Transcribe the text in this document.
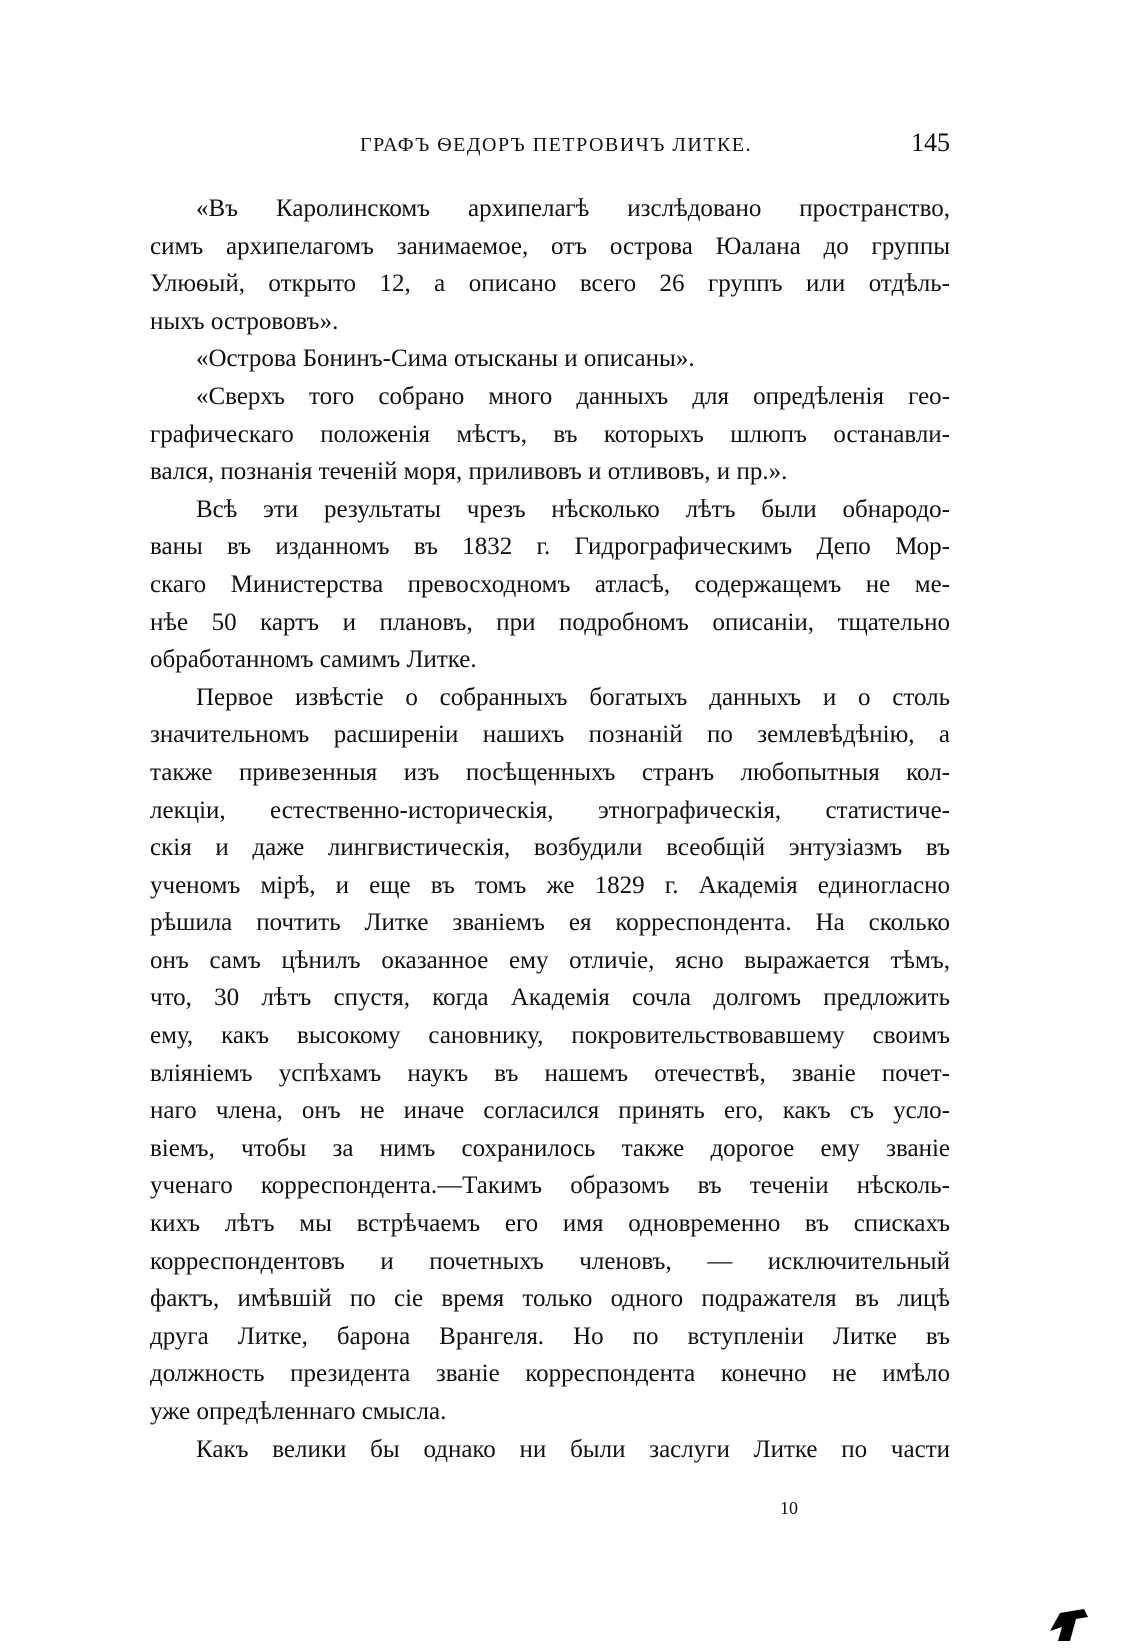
ГРАФЪ ѲЕДОРЪ ПЕТРОВИЧЪ ЛИТКЕ.	145
«Въ Каролинскомъ архипелагѣ изслѣдовано пространство,
симъ архипелагомъ занимаемое, отъ острова Юалана до группы
Улюѳый, открыто 12, а описано всего 26 группъ или отдѣль-
ныхъ острововъ».
«Острова Бонинъ-Сима отысканы и описаны».
«Сверхъ того собрано много данныхъ для опредѣленія гео-
графическаго положенія мѣстъ, въ которыхъ шлюпъ останавли-
вался, познанія теченій моря, приливовъ и отливовъ, и пр.».
Всѣ эти результаты чрезъ нѣсколько лѣтъ были обнародо-
ваны въ изданномъ въ 1832 г. Гидрографическимъ Депо Мор-
скаго Министерства превосходномъ атласѣ, содержащемъ не ме-
нѣе 50 картъ и плановъ, при подробномъ описаніи, тщательно
обработанномъ самимъ Литке.
Первое извѣстіе о собранныхъ богатыхъ данныхъ и о столь
значительномъ расширеніи нашихъ познаній по землевѣдѣнію, а
также привезенныя изъ посѣщенныхъ странъ любопытныя кол-
лекціи, естественно-историческія, этнографическія, статистиче-
скія и даже лингвистическія, возбудили всеобщій энтузіазмъ въ
ученомъ мірѣ, и еще въ томъ же 1829 г. Академія единогласно
рѣшила почтить Литке званіемъ ея корреспондента. На сколько
онъ самъ цѣнилъ оказанное ему отличіе, ясно выражается тѣмъ,
что, 30 лѣтъ спустя, когда Академія сочла долгомъ предложить
ему, какъ высокому сановнику, покровительствовавшему своимъ
вліяніемъ успѣхамъ наукъ въ нашемъ отечествѣ, званіе почет-
наго члена, онъ не иначе согласился принять его, какъ съ усло-
віемъ, чтобы за нимъ сохранилось также дорогое ему званіе
ученаго корреспондента.—Такимъ образомъ въ теченіи нѣсколь-
кихъ лѣтъ мы встрѣчаемъ его имя одновременно въ спискахъ
корреспондентовъ и почетныхъ членовъ, — исключительный
фактъ, имѣвшій по сіе время только одного подражателя въ лицѣ
друга Литке, барона Врангеля. Но по вступленіи Литке въ
должность президента званіе корреспондента конечно не имѣло
уже опредѣленнаго смысла.
Какъ велики бы однако ни были заслуги Литке по части
10
